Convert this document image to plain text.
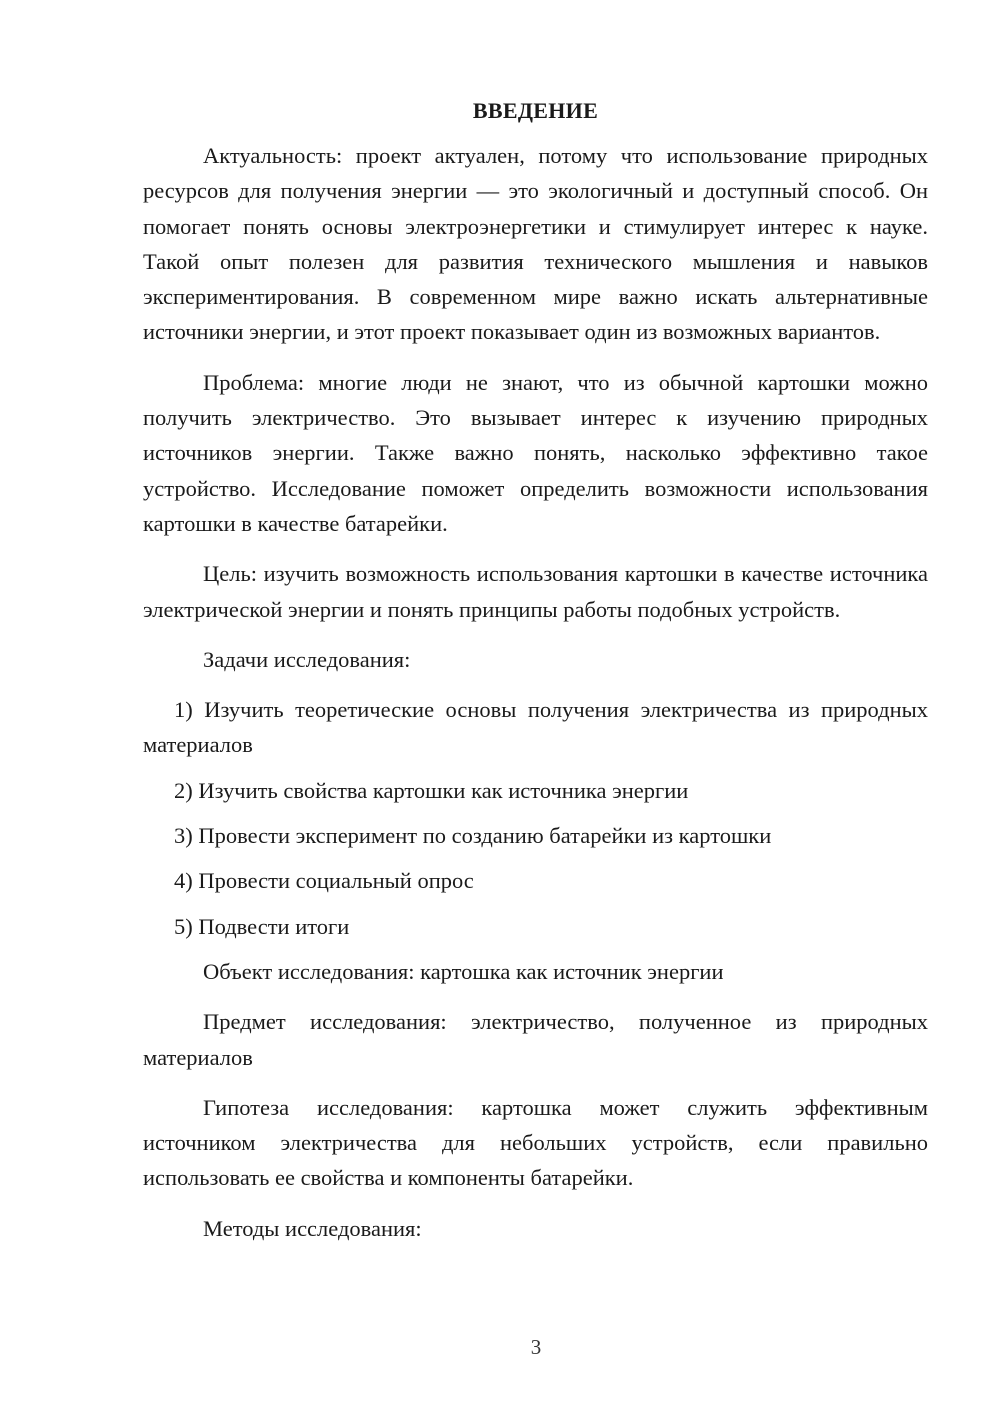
ВВЕДЕНИЕ

Актуальность: проект актуален, потому что использование природных ресурсов для получения энергии — это экологичный и доступный способ. Он помогает понять основы электроэнергетики и стимулирует интерес к науке. Такой опыт полезен для развития технического мышления и навыков экспериментирования. В современном мире важно искать альтернативные источники энергии, и этот проект показывает один из возможных вариантов.

Проблема: многие люди не знают, что из обычной картошки можно получить электричество. Это вызывает интерес к изучению природных источников энергии. Также важно понять, насколько эффективно такое устройство. Исследование поможет определить возможности использования картошки в качестве батарейки.

Цель: изучить возможность использования картошки в качестве источника электрической энергии и понять принципы работы подобных устройств.

Задачи исследования:

1) Изучить теоретические основы получения электричества из природных материалов

2) Изучить свойства картошки как источника энергии

3) Провести эксперимент по созданию батарейки из картошки

4) Провести социальный опрос

5) Подвести итоги

Объект исследования: картошка как источник энергии

Предмет исследования: электричество, полученное из природных материалов

Гипотеза исследования: картошка может служить эффективным источником электричества для небольших устройств, если правильно использовать ее свойства и компоненты батарейки.

Методы исследования:

3
